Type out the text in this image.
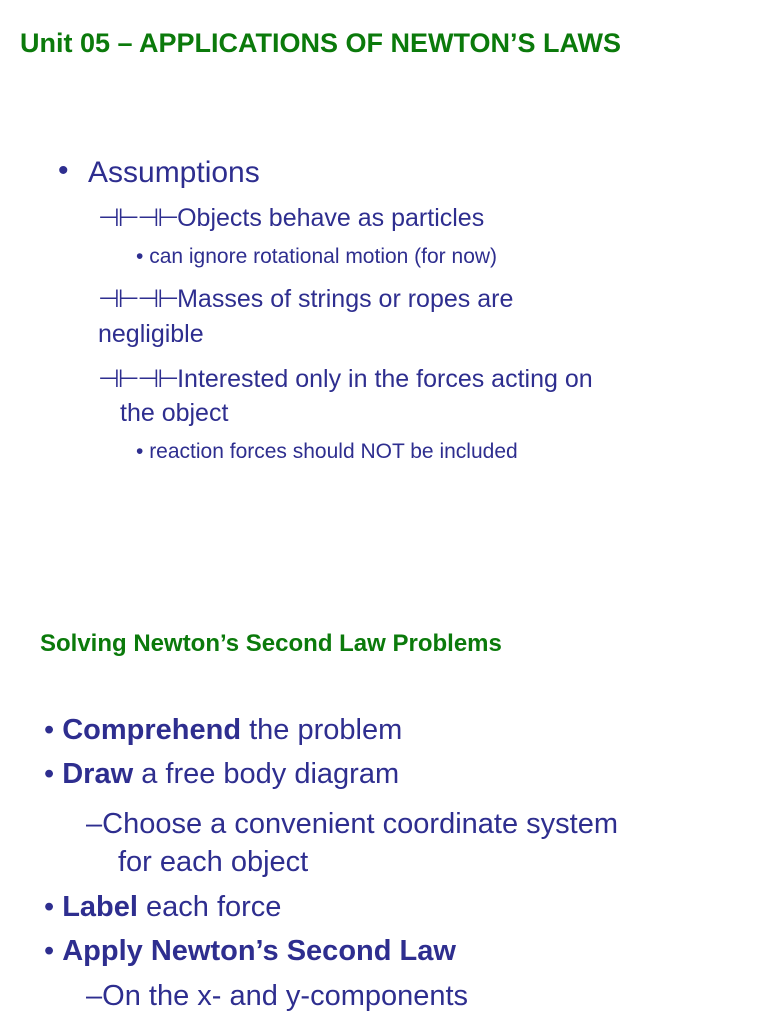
Unit 05 – APPLICATIONS OF NEWTON’S LAWS
• Assumptions
⊣⊢⊣⊢Objects behave as particles
• can ignore rotational motion (for now)
⊣⊢⊣⊢Masses of strings or ropes are
negligible
⊣⊢⊣⊢Interested only in the forces acting on
the object
• reaction forces should NOT be included
Solving Newton’s Second Law Problems
• Comprehend the problem
• Draw a free body diagram
–Choose a convenient coordinate system
for each object
• Label each force
• Apply Newton’s Second Law
–On the x- and y-components
